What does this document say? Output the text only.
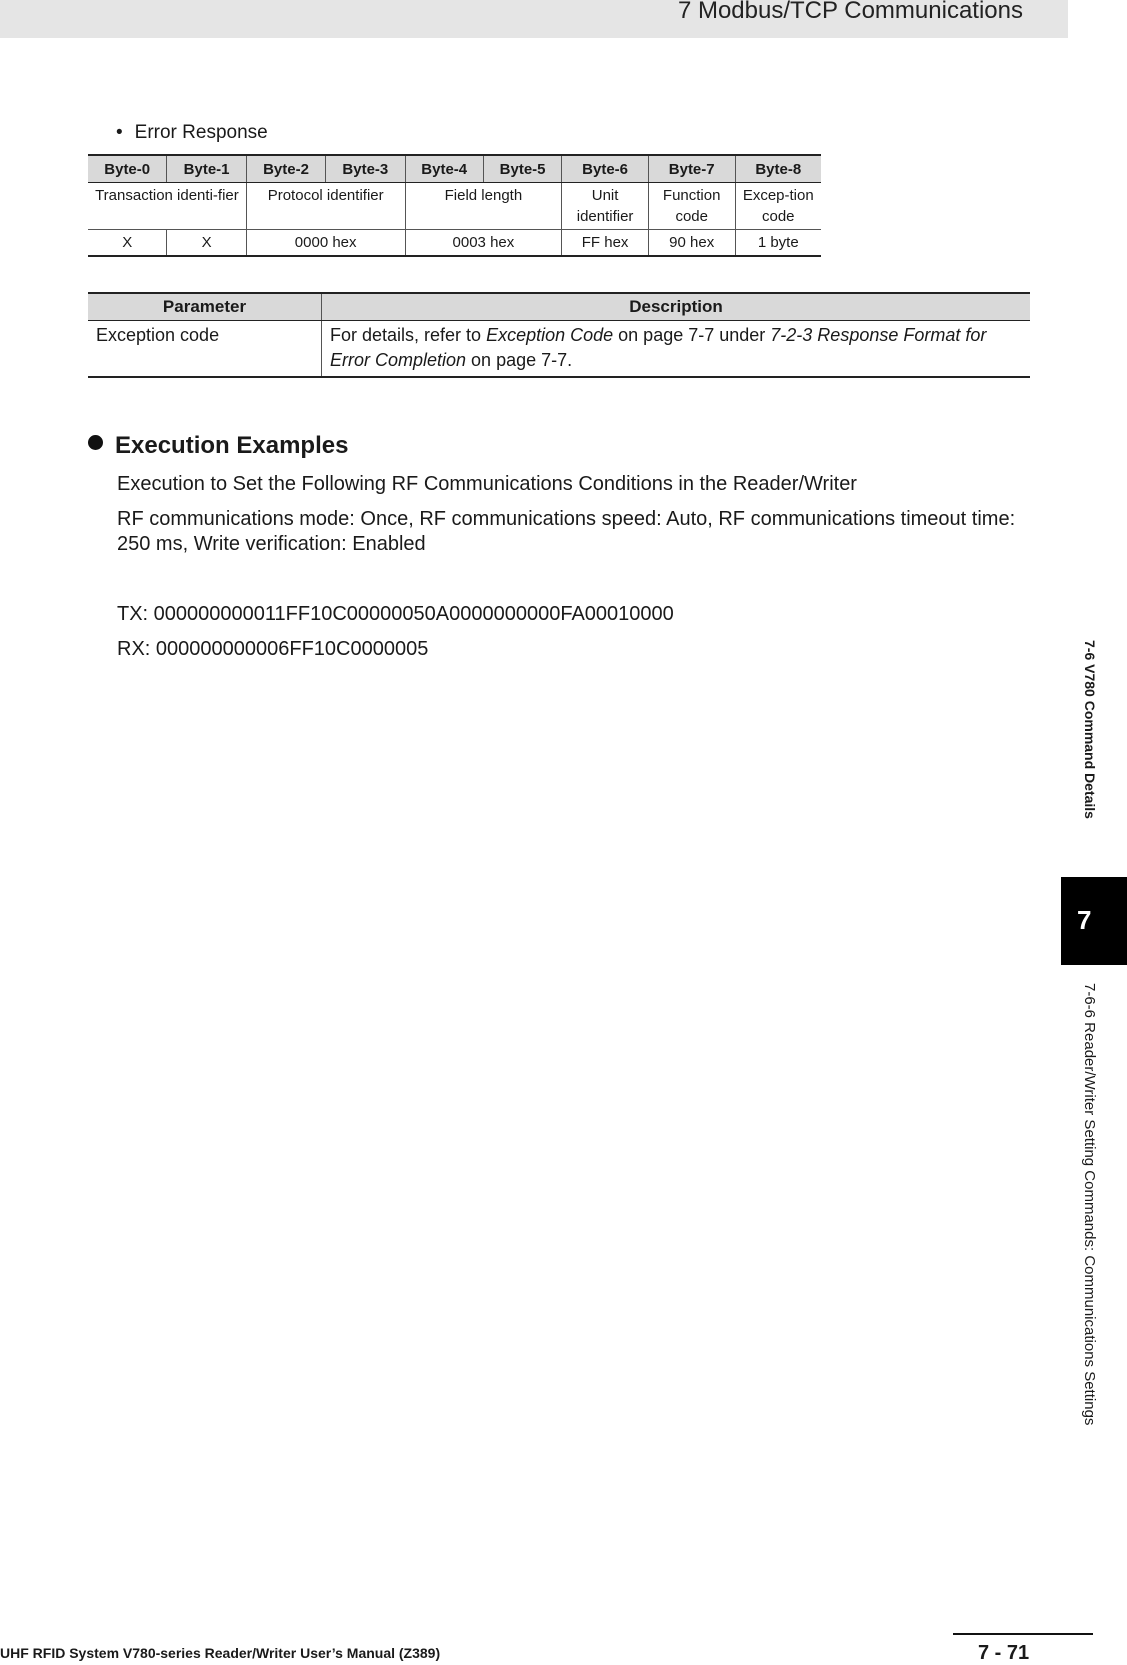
7 Modbus/TCP Communications
• Error Response
Byte-0	Byte-1	Byte-2	Byte-3	Byte-4	Byte-5	Byte-6	Byte-7	Byte-8
Transaction identi-fier		Protocol identifier		Field length		Unit identifier	Function code	Excep-tion code
X	X	0000 hex		0003 hex		FF hex	90 hex	1 byte
Parameter	Description
Exception code	For details, refer to Exception Code on page 7-7 under 7-2-3 Response Format for Error Completion on page 7-7.
Execution Examples
Execution to Set the Following RF Communications Conditions in the Reader/Writer
RF communications mode: Once, RF communications speed: Auto, RF communications timeout time: 250 ms, Write verification: Enabled
TX: 000000000011FF10C00000050A0000000000FA00010000
RX: 000000000006FF10C0000005	7-6 V780 Command Details
7
7-6-6 Reader/Writer Setting Commands: Communications Settings
UHF RFID System V780-series Reader/Writer User’s Manual (Z389)	7 - 71
